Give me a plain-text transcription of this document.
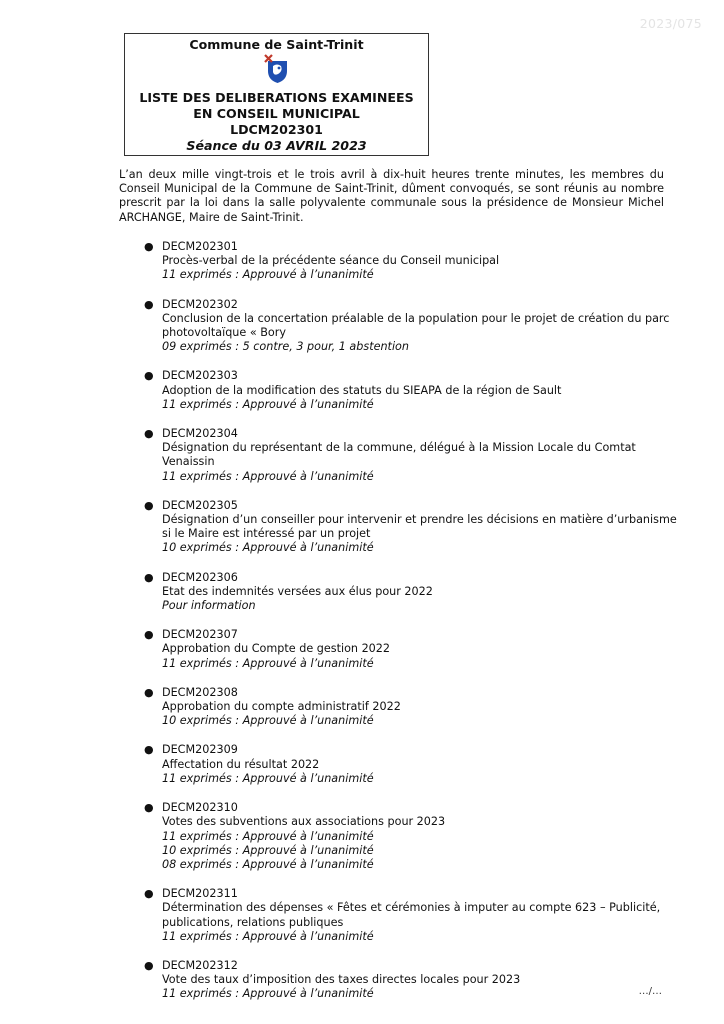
2023/075
Commune de Saint-Trinit
LISTE DES DELIBERATIONS EXAMINEES
EN CONSEIL MUNICIPAL
LDCM202301
Séance du 03 AVRIL 2023
L’an deux mille vingt-trois et le trois avril à dix-huit heures trente minutes, les membres du Conseil Municipal de la Commune de Saint-Trinit, dûment convoqués, se sont réunis au nombre prescrit par la loi dans la salle polyvalente communale sous la présidence de Monsieur Michel ARCHANGE, Maire de Saint-Trinit.
● DECM202301
Procès-verbal de la précédente séance du Conseil municipal
11 exprimés : Approuvé à l’unanimité
● DECM202302
Conclusion de la concertation préalable de la population pour le projet de création du parc photovoltaïque « Bory
09 exprimés : 5 contre, 3 pour, 1 abstention
● DECM202303
Adoption de la modification des statuts du SIEAPA de la région de Sault
11 exprimés : Approuvé à l’unanimité
● DECM202304
Désignation du représentant de la commune, délégué à la Mission Locale du Comtat Venaissin
11 exprimés : Approuvé à l’unanimité
● DECM202305
Désignation d’un conseiller pour intervenir et prendre les décisions en matière d’urbanisme si le Maire est intéressé par un projet
10 exprimés : Approuvé à l’unanimité
● DECM202306
Etat des indemnités versées aux élus pour 2022
Pour information
● DECM202307
Approbation du Compte de gestion 2022
11 exprimés : Approuvé à l’unanimité
● DECM202308
Approbation du compte administratif 2022
10 exprimés : Approuvé à l’unanimité
● DECM202309
Affectation du résultat 2022
11 exprimés : Approuvé à l’unanimité
● DECM202310
Votes des subventions aux associations pour 2023
11 exprimés : Approuvé à l’unanimité
10 exprimés : Approuvé à l’unanimité
08 exprimés : Approuvé à l’unanimité
● DECM202311
Détermination des dépenses « Fêtes et cérémonies à imputer au compte 623 – Publicité, publications, relations publiques
11 exprimés : Approuvé à l’unanimité
● DECM202312
Vote des taux d’imposition des taxes directes locales pour 2023
11 exprimés : Approuvé à l’unanimité	…/…
